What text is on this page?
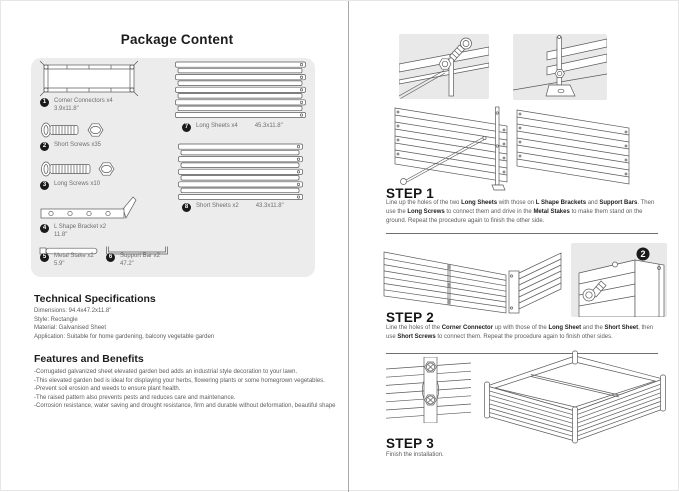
Package Content
1	Corner Connectors x4
3.9x11.8"
2	Short Screws x35
3	Long Screws x10
4	L Shape Bracket x2
11.8"
5	Metal Stake x2
5.9"
6	Support Bar x2
47.2"
7	Long Sheets x4	45.3x11.8"
8	Short Sheets x2	43.3x11.8"
Technical Specifications
Dimensions: 94.4x47.2x11.8"
Style: Rectangle
Material: Galvanised Sheet
Application: Suitable for home gardening, balcony vegetable garden
Features and Benefits
-Corrugated galvanized sheet elevated garden bed adds an industrial style decoration to your lawn.
-This elevated garden bed is ideal for displaying your herbs, flowering plants or some homegrown vegetables.
-Prevent soil erosion and weeds to ensure plant health.
-The raised pattern also prevents pests and reduces care and maintenance.
-Corrosion resistance, water saving and drought resistance, firm and durable without deformation, beautiful shape
STEP 1

Line up the holes of the two Long Sheets with those on L Shape Brackets and Support Bars. Then use the Long Screws to connect them and drive in the Metal Stakes to make them stand on the ground. Repeat the procedure again to finish the other side.

2
STEP 2

Line the holes of the Corner Connector up with those of the Long Sheet and the Short Sheet, then use Short Screws to connect them. Repeat the procedure again to finish other sides.

STEP 3
Finish the installation.
